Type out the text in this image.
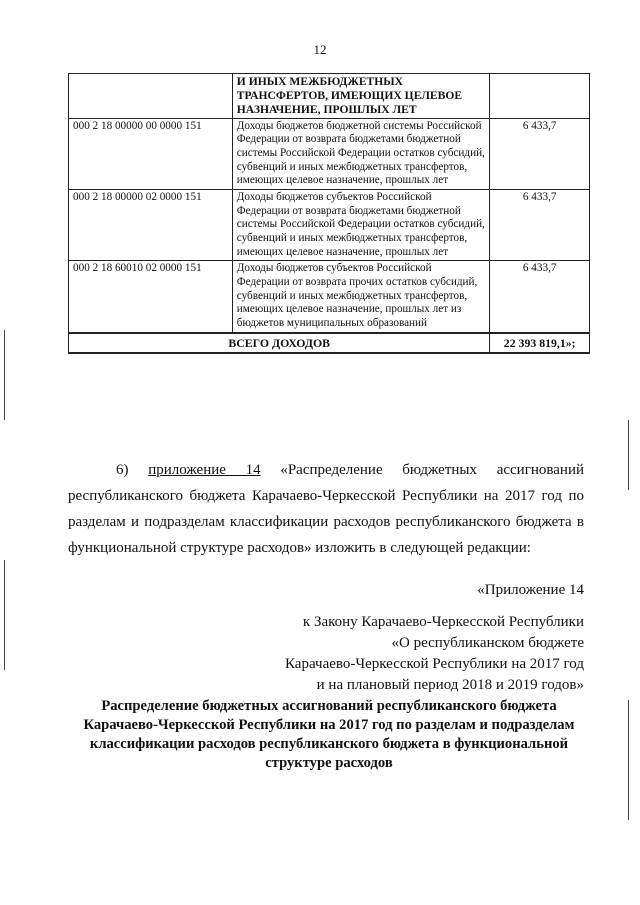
12
	И ИНЫХ МЕЖБЮДЖЕТНЫХ ТРАНСФЕРТОВ, ИМЕЮЩИХ ЦЕЛЕВОЕ НАЗНАЧЕНИЕ, ПРОШЛЫХ ЛЕТ	
000 2 18 00000 00 0000 151	Доходы бюджетов бюджетной системы Российской Федерации от возврата бюджетами бюджетной системы Российской Федерации остатков субсидий, субвенций и иных межбюджетных трансфертов, имеющих целевое назначение, прошлых лет	6 433,7
000 2 18 00000 02 0000 151	Доходы бюджетов субъектов Российской Федерации от возврата бюджетами бюджетной системы Российской Федерации остатков субсидий, субвенций и иных межбюджетных трансфертов, имеющих целевое назначение, прошлых лет	6 433,7
000 2 18 60010 02 0000 151	Доходы бюджетов субъектов Российской Федерации от возврата прочих остатков субсидий, субвенций и иных межбюджетных трансфертов, имеющих целевое назначение, прошлых лет из бюджетов муниципальных образований	6 433,7
ВСЕГО ДОХОДОВ		22 393 819,1»;
6) приложение 14 «Распределение бюджетных ассигнований
республиканского бюджета Карачаево-Черкесской Республики на 2017 год по
разделам и подразделам классификации расходов республиканского бюджета в
функциональной структуре расходов» изложить в следующей редакции:
«Приложение 14
к Закону Карачаево-Черкесской Республики
«О республиканском бюджете
Карачаево-Черкесской Республики на 2017 год
и на плановый период 2018 и 2019 годов»
Распределение бюджетных ассигнований республиканского бюджета
Карачаево-Черкесской Республики на 2017 год по разделам и подразделам
классификации расходов республиканского бюджета в функциональной
структуре расходов
